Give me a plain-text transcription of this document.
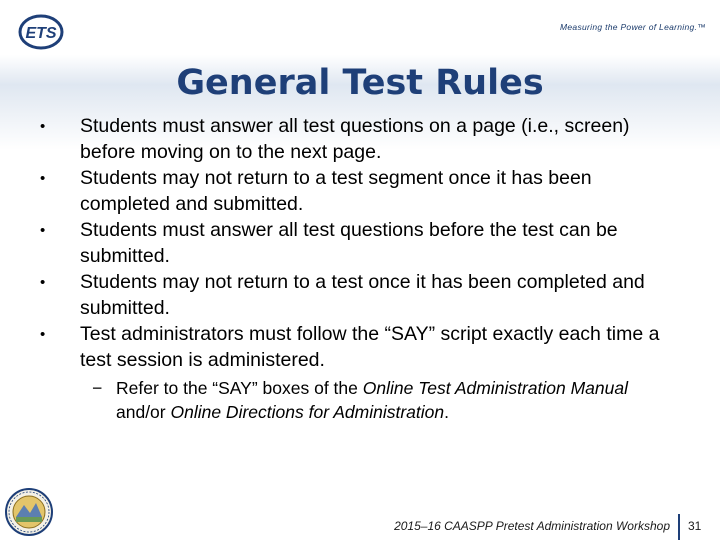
ETS	Measuring the Power of Learning.™
General Test Rules
• Students must answer all test questions on a page (i.e., screen) before moving on to the next page.
• Students may not return to a test segment once it has been completed and submitted.
• Students must answer all test questions before the test can be submitted.
• Students may not return to a test once it has been completed and submitted.
• Test administrators must follow the “SAY” script exactly each time a test session is administered.
− Refer to the “SAY” boxes of the Online Test Administration Manual and/or Online Directions for Administration.
2015–16 CAASPP Pretest Administration Workshop 31
